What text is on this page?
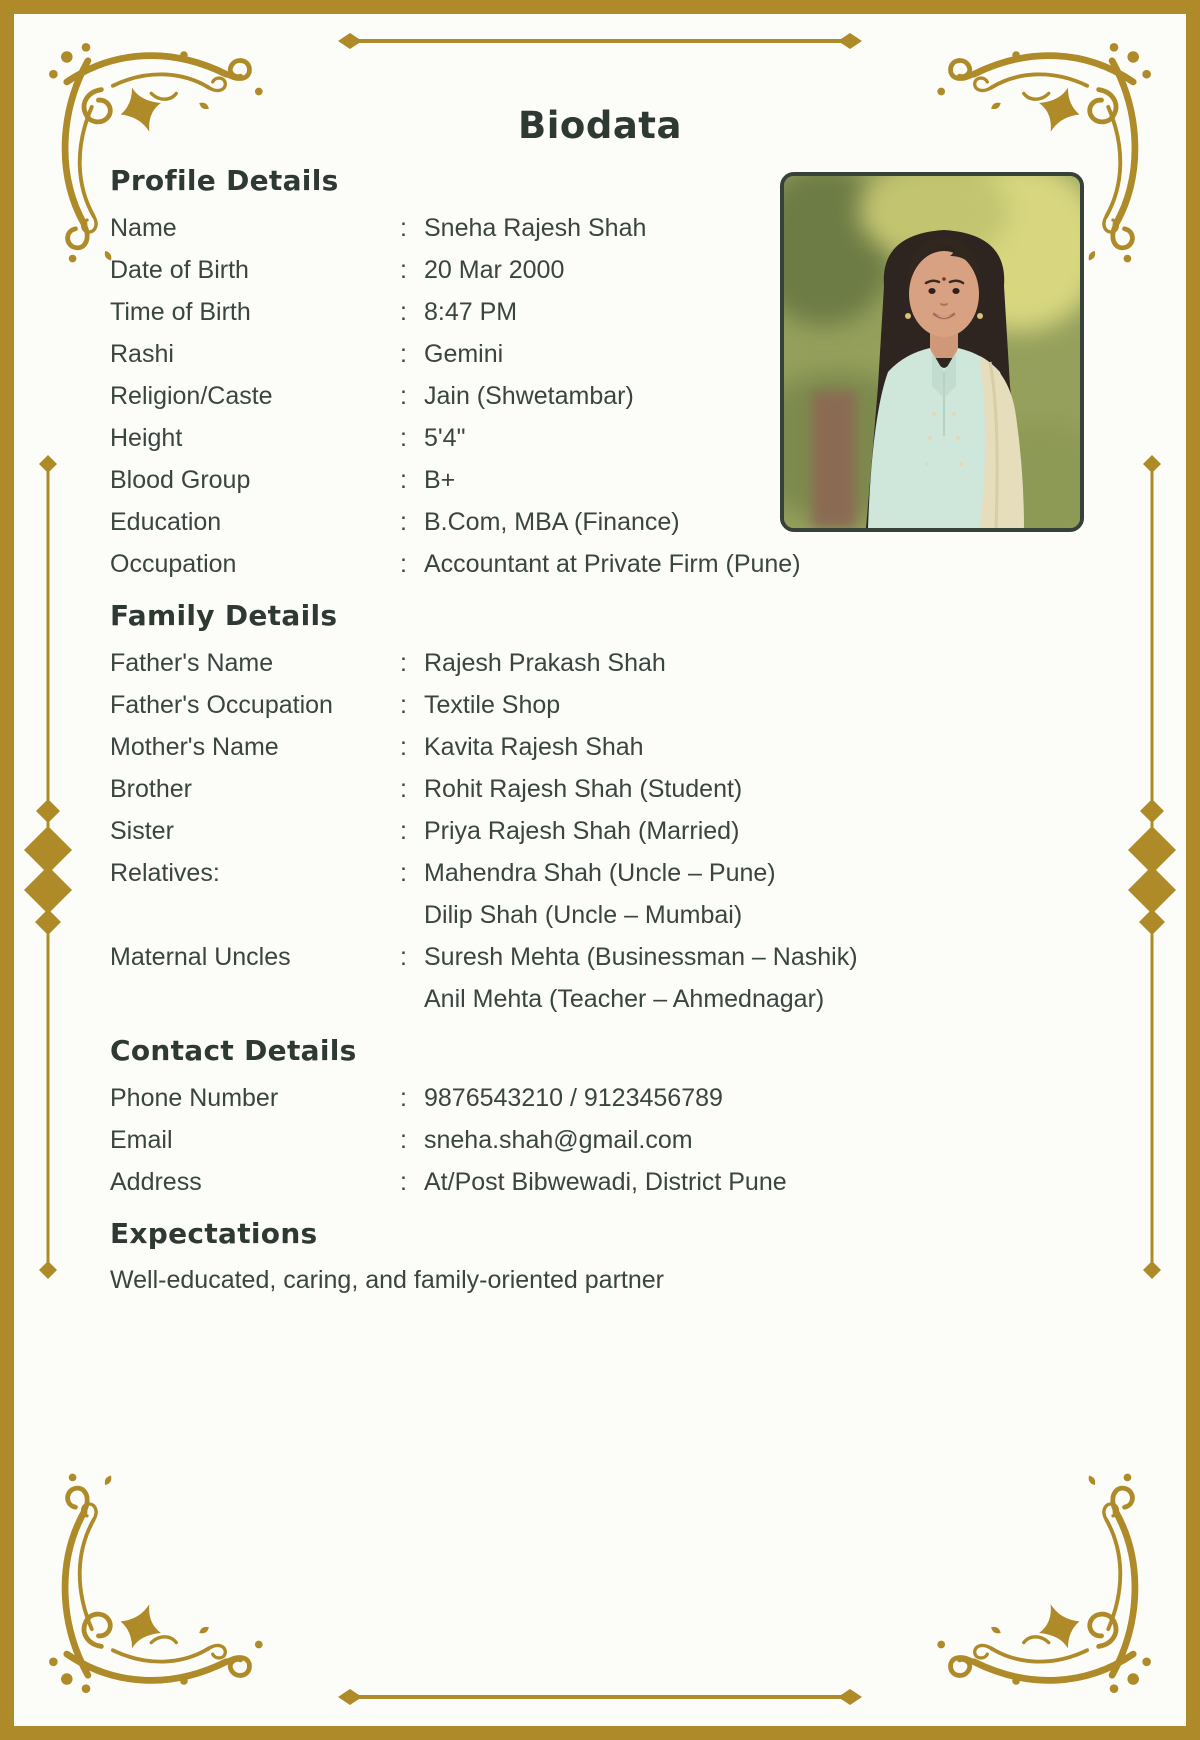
Biodata
Profile Details
Name	: Sneha Rajesh Shah
Date of Birth	: 20 Mar 2000
Time of Birth	: 8:47 PM
Rashi	: Gemini
Religion/Caste	: Jain (Shwetambar)
Height	: 5'4"
Blood Group	: B+
Education	: B.Com, MBA (Finance)
Occupation	: Accountant at Private Firm (Pune)
Family Details
Father's Name	: Rajesh Prakash Shah
Father's Occupation	: Textile Shop
Mother's Name	: Kavita Rajesh Shah
Brother	: Rohit Rajesh Shah (Student)
Sister	: Priya Rajesh Shah (Married)
Relatives:	: Mahendra Shah (Uncle – Pune)
Dilip Shah (Uncle – Mumbai)
Maternal Uncles	: Suresh Mehta (Businessman – Nashik)
Anil Mehta (Teacher – Ahmednagar)
Contact Details
Phone Number	: 9876543210 / 9123456789
Email	: sneha.shah@gmail.com
Address	: At/Post Bibwewadi, District Pune
Expectations
Well-educated, caring, and family-oriented partner
